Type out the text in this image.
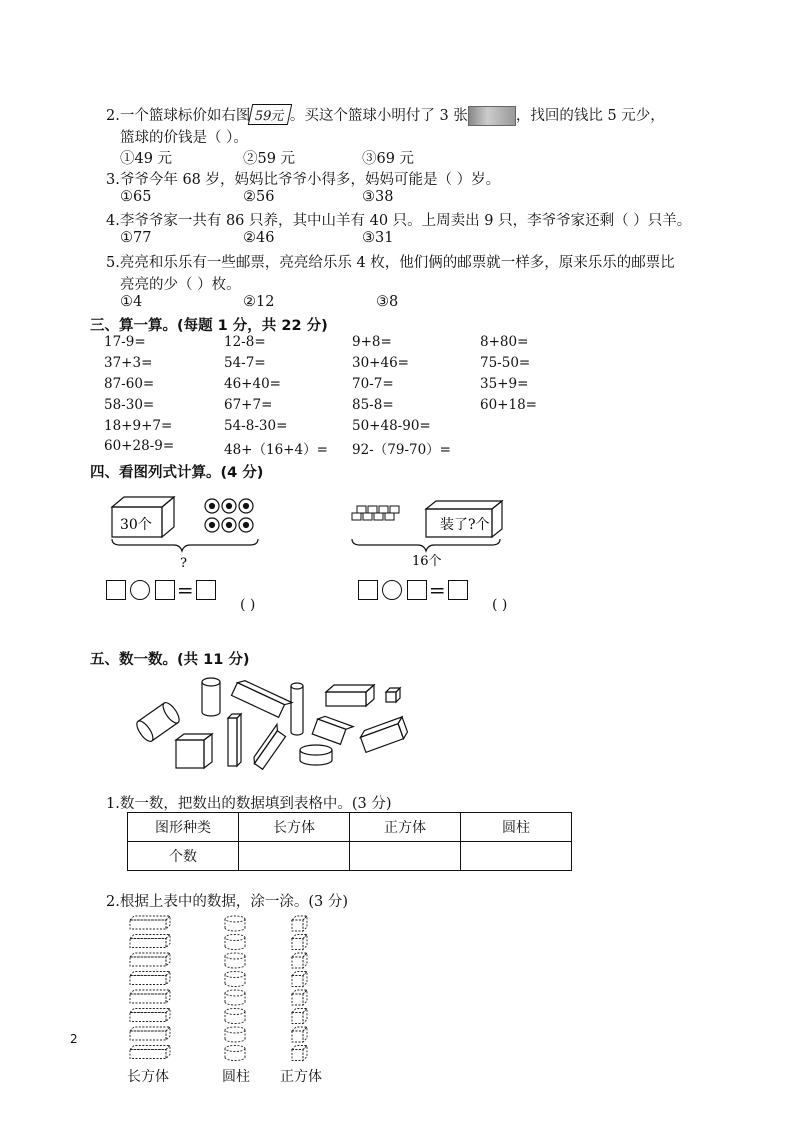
2.一个篮球标价如右图 59元 。买这个篮球小明付了 3 张	，找回的钱比 5 元少，
篮球的价钱是（ ）。
①49 元	②59 元	③69 元
3.爷爷今年 68 岁，妈妈比爷爷小得多，妈妈可能是（ ）岁。
①65	②56	③38
4.李爷爷家一共有 86 只养，其中山羊有 40 只。上周卖出 9 只，李爷爷家还剩（ ）只羊。
①77	②46	③31
5.亮亮和乐乐有一些邮票，亮亮给乐乐 4 枚，他们俩的邮票就一样多，原来乐乐的邮票比
亮亮的少（ ）枚。
①4	②12	③8
三、算一算。(每题 1 分，共 22 分)
17-9=	12-8=	9+8=	8+80=
37+3=	54-7=	30+46=	75-50=
87-60=	46+40=	70-7=	35+9=
58-30=	67+7=	85-8=	60+18=
18+9+7=	54-8-30=	50+48-90=
60+28-9=	48+（16+4）= 92-（79-70）=
四、看图列式计算。(4 分)
30个
?
装了?个
16个
=
( )
=
( )
五、数一数。(共 11 分)
1.数一数，把数出的数据填到表格中。(3 分)
图形种类	长方体	正方体	圆柱
个数			
2.根据上表中的数据，涂一涂。(3 分)
长方体	圆柱 正方体
2
